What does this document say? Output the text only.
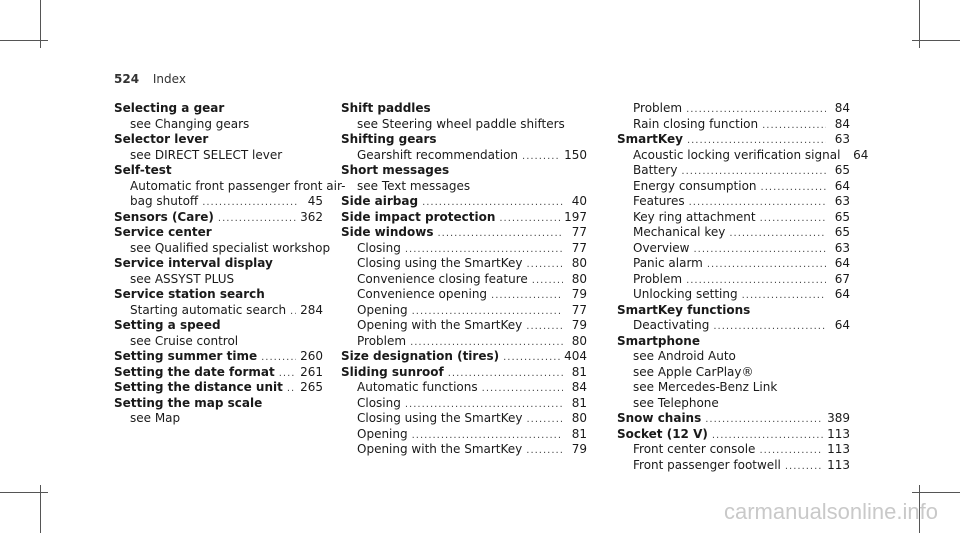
524 Index
Selecting a gear
see Changing gears
Selector lever
see DIRECT SELECT lever
Self-test
Automatic front passenger front air-
bag shutoff .....	45
Sensors (Care) .....	362
Service center
see Qualified specialist workshop
Service interval display
see ASSYST PLUS
Service station search
Starting automatic search ..... 284
Setting a speed
see Cruise control
Setting summer time .....	260
Setting the date format ..... 261
Setting the distance unit ..... 265
Setting the map scale
see Map
Shift paddles
see Steering wheel paddle shifters
Shifting gears
Gearshift recommendation .....	150
Short messages
see Text messages
Side airbag .....	40
Side impact protection .....	197
Side windows .....	77
Closing .....	77
Closing using the SmartKey .....	80
Convenience closing feature .....	80
Convenience opening .....	79
Opening .....	77
Opening with the SmartKey .....	79
Problem .....	80
Size designation (tires) .....	404
Sliding sunroof .....	81
Automatic functions .....	84
Closing .....	81
Closing using the SmartKey .....	80
Opening .....	81
Opening with the SmartKey .....	79
Problem .....	84
Rain closing function .....	84
SmartKey .....	63
Acoustic locking verification signal	64
Battery .....	65
Energy consumption .....	64
Features .....	63
Key ring attachment .....	65
Mechanical key .....	65
Overview .....	63
Panic alarm .....	64
Problem .....	67
Unlocking setting .....	64
SmartKey functions
Deactivating .....	64
Smartphone
see Android Auto
see Apple CarPlay®
see Mercedes-Benz Link
see Telephone
Snow chains .....	389
Socket (12 V) .....	113
Front center console .....	113
Front passenger footwell .....	113
carmanualsonline.info
